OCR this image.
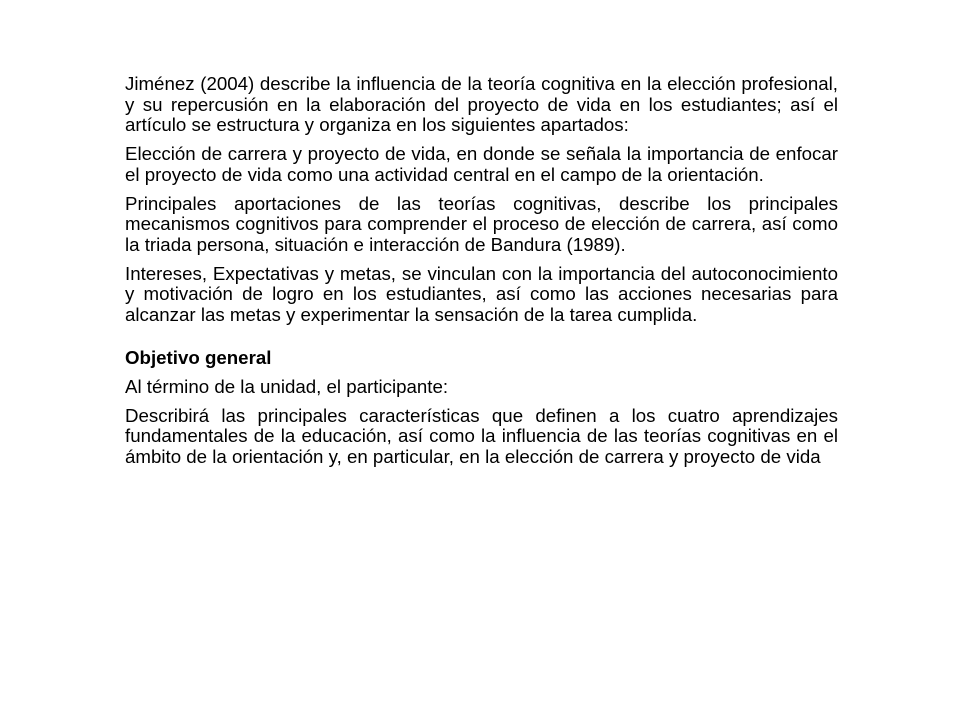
Jiménez (2004) describe la influencia de la teoría cognitiva en la elección profesional, y su repercusión en la elaboración del proyecto de vida en los estudiantes; así el artículo se estructura y organiza en los siguientes apartados:

Elección de carrera y proyecto de vida, en donde se señala la importancia de enfocar el proyecto de vida como una actividad central en el campo de la orientación.

Principales aportaciones de las teorías cognitivas, describe los principales mecanismos cognitivos para comprender el proceso de elección de carrera, así como la triada persona, situación e interacción de Bandura (1989).

Intereses, Expectativas y metas, se vinculan con la importancia del autoconocimiento y motivación de logro en los estudiantes, así como las acciones necesarias para alcanzar las metas y experimentar la sensación de la tarea cumplida.

Objetivo general

Al término de la unidad, el participante:

Describirá las principales características que definen a los cuatro aprendizajes fundamentales de la educación, así como la influencia de las teorías cognitivas en el ámbito de la orientación y, en particular, en la elección de carrera y proyecto de vida
